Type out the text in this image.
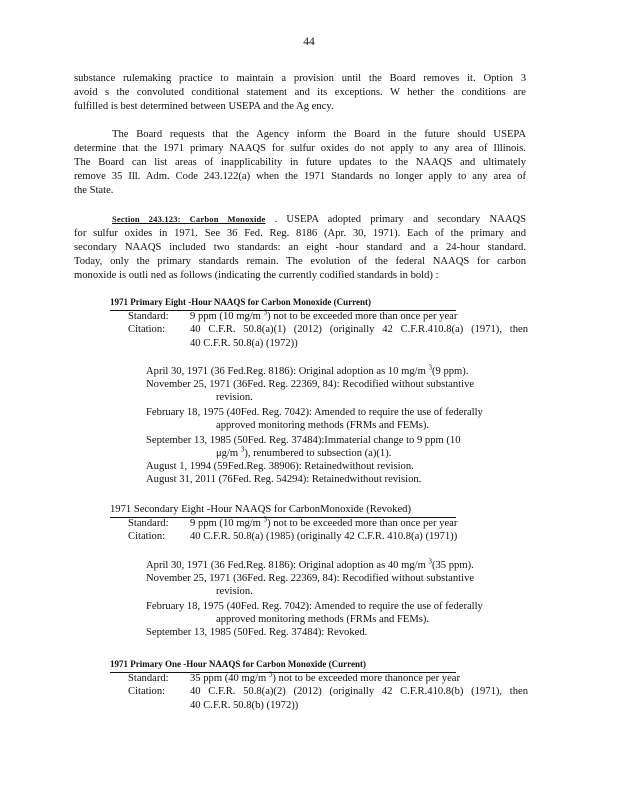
44
substance rulemaking practice to maintain a provision until the Board removes it. Option 3
avoid s the convoluted conditional statement and its exceptions. W hether the conditions are
fulfilled is best determined between USEPA and the Ag ency.
The Board requests that the Agency inform the Board in the future should USEPA
determine that the 1971 primary NAAQS for sulfur oxides do not apply to any area of Illinois.
The Board can list areas of inapplicability in future updates to the NAAQS and ultimately
remove 35 Ill. Adm. Code 243.122(a) when the 1971 Standards no longer apply to any area of
the State.
Section 243.123: Carbon Monoxide . USEPA adopted primary and secondary NAAQS
for sulfur oxides in 1971. See 36 Fed. Reg. 8186 (Apr. 30, 1971). Each of the primary and
secondary NAAQS included two standards: an eight -hour standard and a 24-hour standard.
Today, only the primary standards remain. The evolution of the federal NAAQS for carbon
monoxide is outli ned as follows (indicating the currently codified standards in bold) :
1971 Primary Eight -Hour NAAQS for Carbon Monoxide (Current)
Standard: 9 ppm (10 mg/m $^3$) not to be exceeded more than once per year
Citation: 40 C.F.R. 50.8(a)(1) (2012) (originally 42 C.F.R.410.8(a) (1971), then
40 C.F.R. 50.8(a) (1972))
April 30, 1971 (36 Fed.Reg. 8186): Original adoption as 10 mg/m $^3$(9 ppm).
November 25, 1971 (36Fed. Reg. 22369, 84): Recodified without substantive
revision.
February 18, 1975 (40Fed. Reg. 7042): Amended to require the use of federally
approved monitoring methods (FRMs and FEMs).
September 13, 1985 (50Fed. Reg. 37484):Immaterial change to 9 ppm (10
μg/m $^3$), renumbered to subsection (a)(1).
August 1, 1994 (59Fed.Reg. 38906): Retainedwithout revision.
August 31, 2011 (76Fed. Reg. 54294): Retainedwithout revision.
1971 Secondary Eight -Hour NAAQS for CarbonMonoxide (Revoked)
Standard: 9 ppm (10 mg/m $^3$) not to be exceeded more than once per year
Citation: 40 C.F.R. 50.8(a) (1985) (originally 42 C.F.R. 410.8(a) (1971))
April 30, 1971 (36 Fed.Reg. 8186): Original adoption as 40 mg/m $^3$(35 ppm).
November 25, 1971 (36Fed. Reg. 22369, 84): Recodified without substantive
revision.
February 18, 1975 (40Fed. Reg. 7042): Amended to require the use of federally
approved monitoring methods (FRMs and FEMs).
September 13, 1985 (50Fed. Reg. 37484): Revoked.
1971 Primary One -Hour NAAQS for Carbon Monoxide (Current)
Standard: 35 ppm (40 mg/m $^3$) not to be exceeded more thanonce per year
Citation: 40 C.F.R. 50.8(a)(2) (2012) (originally 42 C.F.R.410.8(b) (1971), then
40 C.F.R. 50.8(b) (1972))
